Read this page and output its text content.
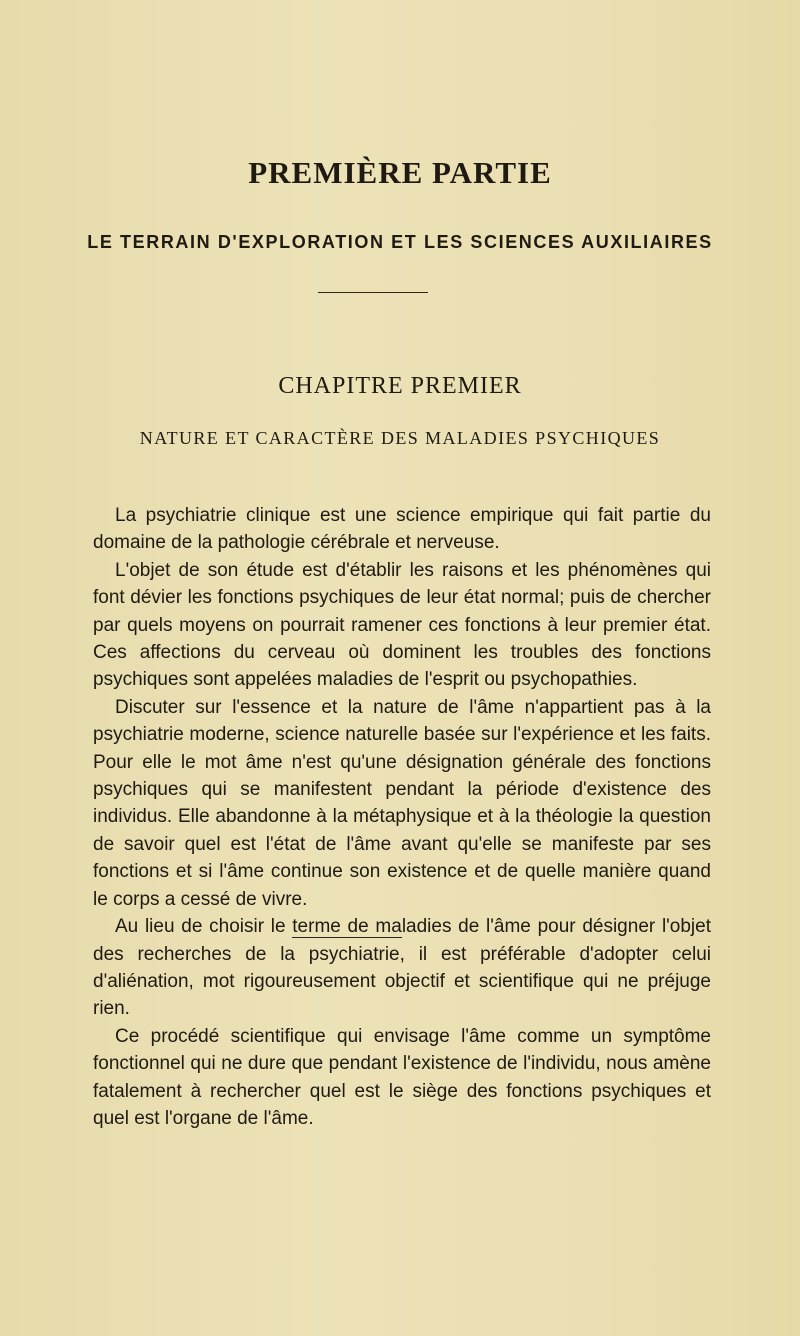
PREMIÈRE PARTIE
LE TERRAIN D'EXPLORATION ET LES SCIENCES AUXILIAIRES
CHAPITRE PREMIER
NATURE ET CARACTÈRE DES MALADIES PSYCHIQUES

La psychiatrie clinique est une science empirique qui fait partie du domaine de la pathologie cérébrale et nerveuse.

L'objet de son étude est d'établir les raisons et les phénomènes qui font dévier les fonctions psychiques de leur état normal; puis de chercher par quels moyens on pourrait ramener ces fonctions à leur premier état. Ces affections du cerveau où dominent les troubles des fonctions psychiques sont appelées maladies de l'esprit ou psychopathies.

Discuter sur l'essence et la nature de l'âme n'appartient pas à la psychiatrie moderne, science naturelle basée sur l'expérience et les faits. Pour elle le mot âme n'est qu'une désignation générale des fonctions psychiques qui se manifestent pendant la période d'existence des individus. Elle abandonne à la métaphysique et à la théologie la question de savoir quel est l'état de l'âme avant qu'elle se manifeste par ses fonctions et si l'âme continue son existence et de quelle manière quand le corps a cessé de vivre.

Au lieu de choisir le terme de maladies de l'âme pour désigner l'objet des recherches de la psychiatrie, il est préférable d'adopter celui d'aliénation, mot rigoureusement objectif et scientifique qui ne préjuge rien.

Ce procédé scientifique qui envisage l'âme comme un symptôme fonctionnel qui ne dure que pendant l'existence de l'individu, nous amène fatalement à rechercher quel est le siège des fonctions psychiques et quel est l'organe de l'âme.
